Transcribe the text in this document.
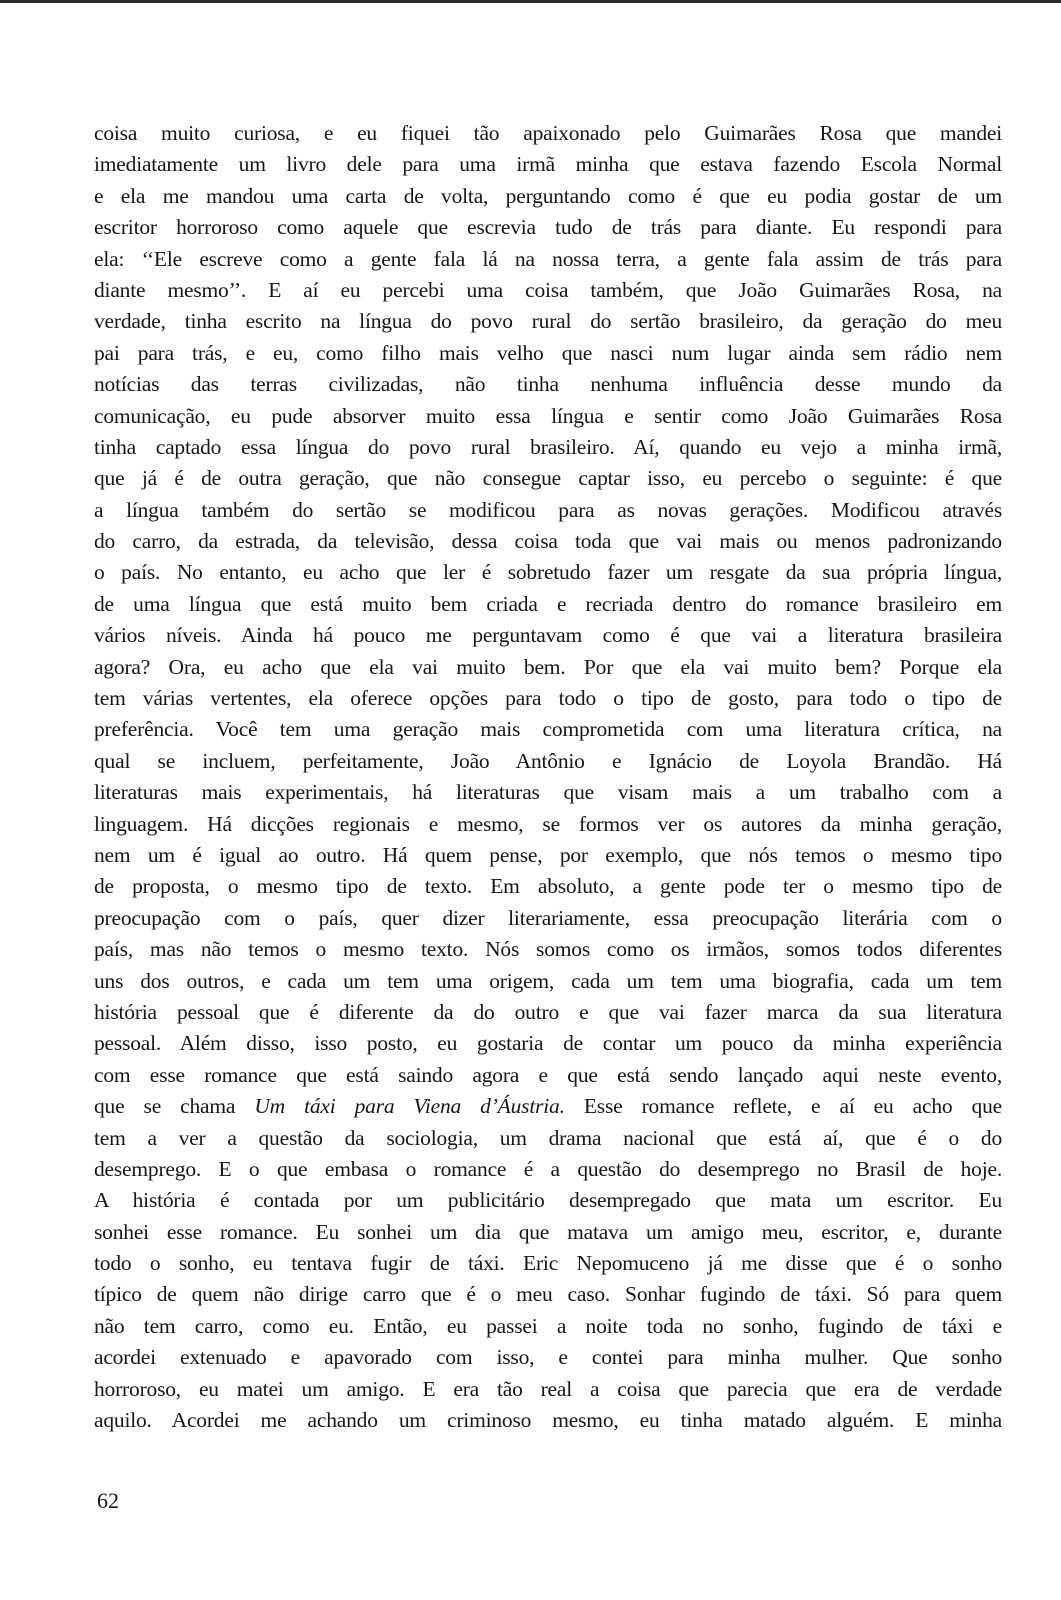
coisa muito curiosa, e eu fiquei tão apaixonado pelo Guimarães Rosa que mandei
imediatamente um livro dele para uma irmã minha que estava fazendo Escola Normal
e ela me mandou uma carta de volta, perguntando como é que eu podia gostar de um
escritor horroroso como aquele que escrevia tudo de trás para diante. Eu respondi para
ela: ‘‘Ele escreve como a gente fala lá na nossa terra, a gente fala assim de trás para
diante mesmo’’. E aí eu percebi uma coisa também, que João Guimarães Rosa, na
verdade, tinha escrito na língua do povo rural do sertão brasileiro, da geração do meu
pai para trás, e eu, como filho mais velho que nasci num lugar ainda sem rádio nem
notícias das terras civilizadas, não tinha nenhuma influência desse mundo da
comunicação, eu pude absorver muito essa língua e sentir como João Guimarães Rosa
tinha captado essa língua do povo rural brasileiro. Aí, quando eu vejo a minha irmã,
que já é de outra geração, que não consegue captar isso, eu percebo o seguinte: é que
a língua também do sertão se modificou para as novas gerações. Modificou através
do carro, da estrada, da televisão, dessa coisa toda que vai mais ou menos padronizando
o país. No entanto, eu acho que ler é sobretudo fazer um resgate da sua própria língua,
de uma língua que está muito bem criada e recriada dentro do romance brasileiro em
vários níveis. Ainda há pouco me perguntavam como é que vai a literatura brasileira
agora? Ora, eu acho que ela vai muito bem. Por que ela vai muito bem? Porque ela
tem várias vertentes, ela oferece opções para todo o tipo de gosto, para todo o tipo de
preferência. Você tem uma geração mais comprometida com uma literatura crítica, na
qual se incluem, perfeitamente, João Antônio e Ignácio de Loyola Brandão. Há
literaturas mais experimentais, há literaturas que visam mais a um trabalho com a
linguagem. Há dicções regionais e mesmo, se formos ver os autores da minha geração,
nem um é igual ao outro. Há quem pense, por exemplo, que nós temos o mesmo tipo
de proposta, o mesmo tipo de texto. Em absoluto, a gente pode ter o mesmo tipo de
preocupação com o país, quer dizer literariamente, essa preocupação literária com o
país, mas não temos o mesmo texto. Nós somos como os irmãos, somos todos diferentes
uns dos outros, e cada um tem uma origem, cada um tem uma biografia, cada um tem
história pessoal que é diferente da do outro e que vai fazer marca da sua literatura
pessoal. Além disso, isso posto, eu gostaria de contar um pouco da minha experiência
com esse romance que está saindo agora e que está sendo lançado aqui neste evento,
que se chama Um táxi para Viena d’Áustria. Esse romance reflete, e aí eu acho que
tem a ver a questão da sociologia, um drama nacional que está aí, que é o do
desemprego. E o que embasa o romance é a questão do desemprego no Brasil de hoje.
A história é contada por um publicitário desempregado que mata um escritor. Eu
sonhei esse romance. Eu sonhei um dia que matava um amigo meu, escritor, e, durante
todo o sonho, eu tentava fugir de táxi. Eric Nepomuceno já me disse que é o sonho
típico de quem não dirige carro que é o meu caso. Sonhar fugindo de táxi. Só para quem
não tem carro, como eu. Então, eu passei a noite toda no sonho, fugindo de táxi e
acordei extenuado e apavorado com isso, e contei para minha mulher. Que sonho
horroroso, eu matei um amigo. E era tão real a coisa que parecia que era de verdade
aquilo. Acordei me achando um criminoso mesmo, eu tinha matado alguém. E minha
62
